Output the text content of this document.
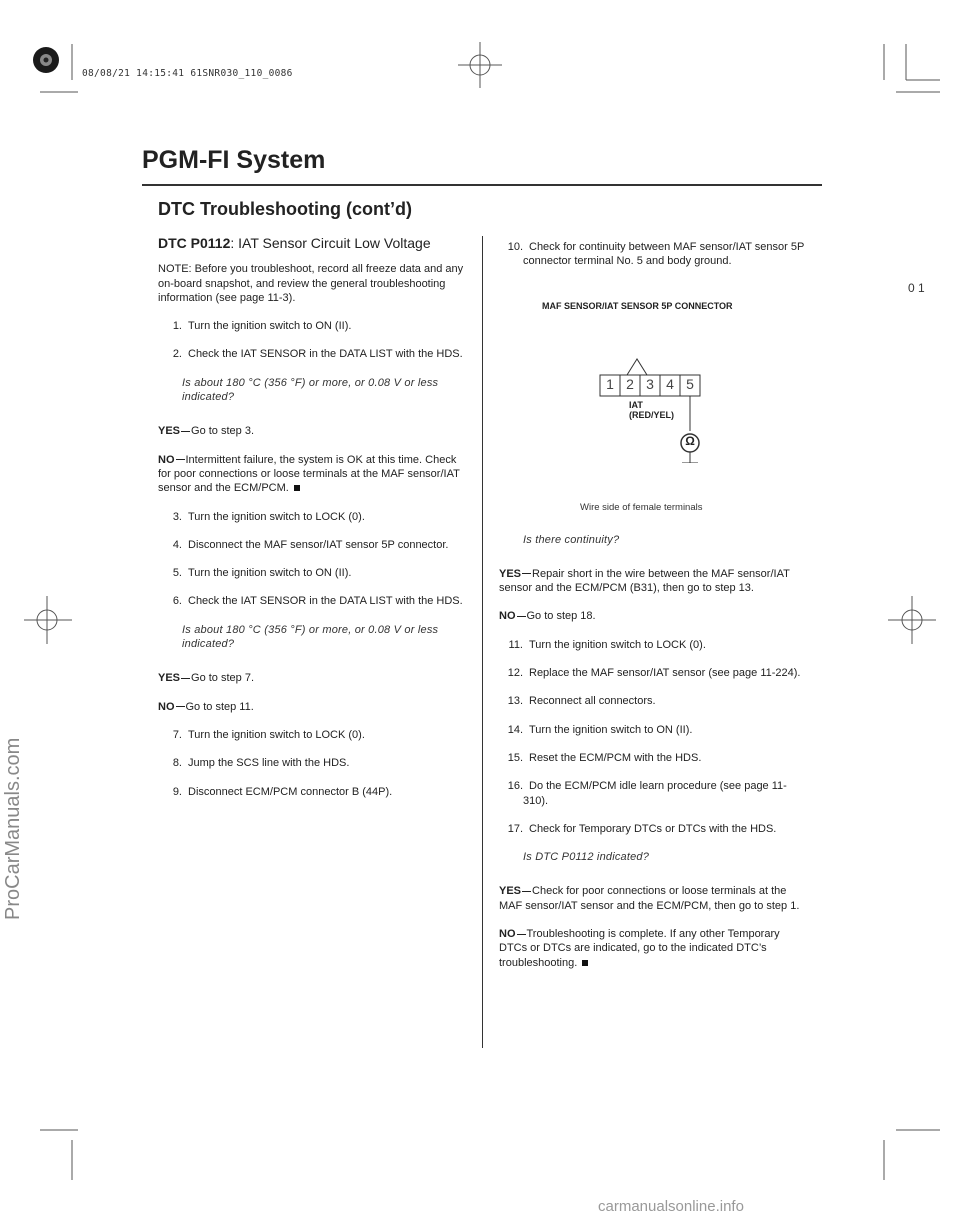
08/08/21 14:15:41 61SNR030_110_0086
PGM-FI System
DTC Troubleshooting (cont’d)
0 1

DTC P0112: IAT Sensor Circuit Low Voltage

NOTE: Before you troubleshoot, record all freeze data and any on-board snapshot, and review the general troubleshooting information (see page 11-3).

1. Turn the ignition switch to ON (II).

2. Check the IAT SENSOR in the DATA LIST with the HDS.

Is about 180 °C (356 °F) or more, or 0.08 V or less indicated?

YES Go to step 3.

NO Intermittent failure, the system is OK at this time. Check for poor connections or loose terminals at the MAF sensor/IAT sensor and the ECM/PCM.

3. Turn the ignition switch to LOCK (0).

4. Disconnect the MAF sensor/IAT sensor 5P connector.

5. Turn the ignition switch to ON (II).

6. Check the IAT SENSOR in the DATA LIST with the HDS.

Is about 180 °C (356 °F) or more, or 0.08 V or less indicated?

YES Go to step 7.

NO Go to step 11.

7. Turn the ignition switch to LOCK (0).

8. Jump the SCS line with the HDS.

9. Disconnect ECM/PCM connector B (44P).

10. Check for continuity between MAF sensor/IAT sensor 5P connector terminal No. 5 and body ground.

MAF SENSOR/IAT SENSOR 5P CONNECTOR
1 2 3 4 5
IAT
(RED/YEL)
Ω
Wire side of female terminals

Is there continuity?

YES Repair short in the wire between the MAF sensor/IAT sensor and the ECM/PCM (B31), then go to step 13.

NO Go to step 18.

11. Turn the ignition switch to LOCK (0).

12. Replace the MAF sensor/IAT sensor (see page 11-224).

13. Reconnect all connectors.

14. Turn the ignition switch to ON (II).

15. Reset the ECM/PCM with the HDS.

16. Do the ECM/PCM idle learn procedure (see page 11-310).

17. Check for Temporary DTCs or DTCs with the HDS.

Is DTC P0112 indicated?

YES Check for poor connections or loose terminals at the MAF sensor/IAT sensor and the ECM/PCM, then go to step 1.

NO Troubleshooting is complete. If any other Temporary DTCs or DTCs are indicated, go to the indicated DTC’s troubleshooting.

ProCarManuals.com
carmanualsonline.info
